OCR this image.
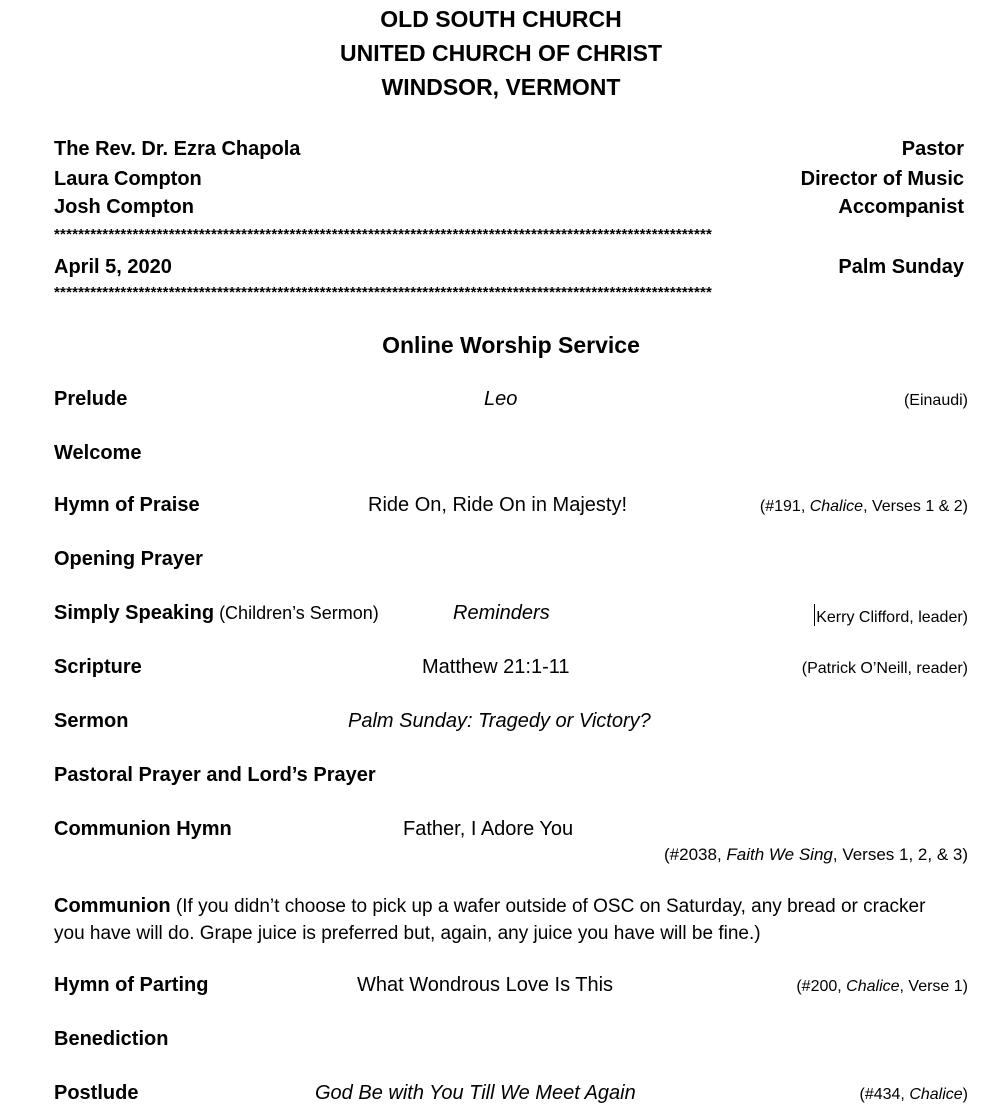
OLD SOUTH CHURCH
UNITED CHURCH OF CHRIST
WINDSOR, VERMONT
The Rev. Dr. Ezra Chapola	Pastor
Laura Compton	Director of Music
Josh Compton	Accompanist
*************************************************************************************************************
April 5, 2020	Palm Sunday
*************************************************************************************************************
Online Worship Service
Prelude	Leo	(Einaudi)
Welcome
Hymn of Praise	Ride On, Ride On in Majesty!	(#191, Chalice, Verses 1 & 2)
Opening Prayer
Simply Speaking (Children’s Sermon)	Reminders	Kerry Clifford, leader)
Scripture	Matthew 21:1-11	(Patrick O’Neill, reader)
Sermon	Palm Sunday: Tragedy or Victory?
Pastoral Prayer and Lord’s Prayer
Communion Hymn	Father, I Adore You
(#2038, Faith We Sing, Verses 1, 2, & 3)
Communion (If you didn’t choose to pick up a wafer outside of OSC on Saturday, any bread or cracker you have will do. Grape juice is preferred but, again, any juice you have will be fine.)
Hymn of Parting	What Wondrous Love Is This	(#200, Chalice, Verse 1)
Benediction
Postlude	God Be with You Till We Meet Again	(#434, Chalice)
